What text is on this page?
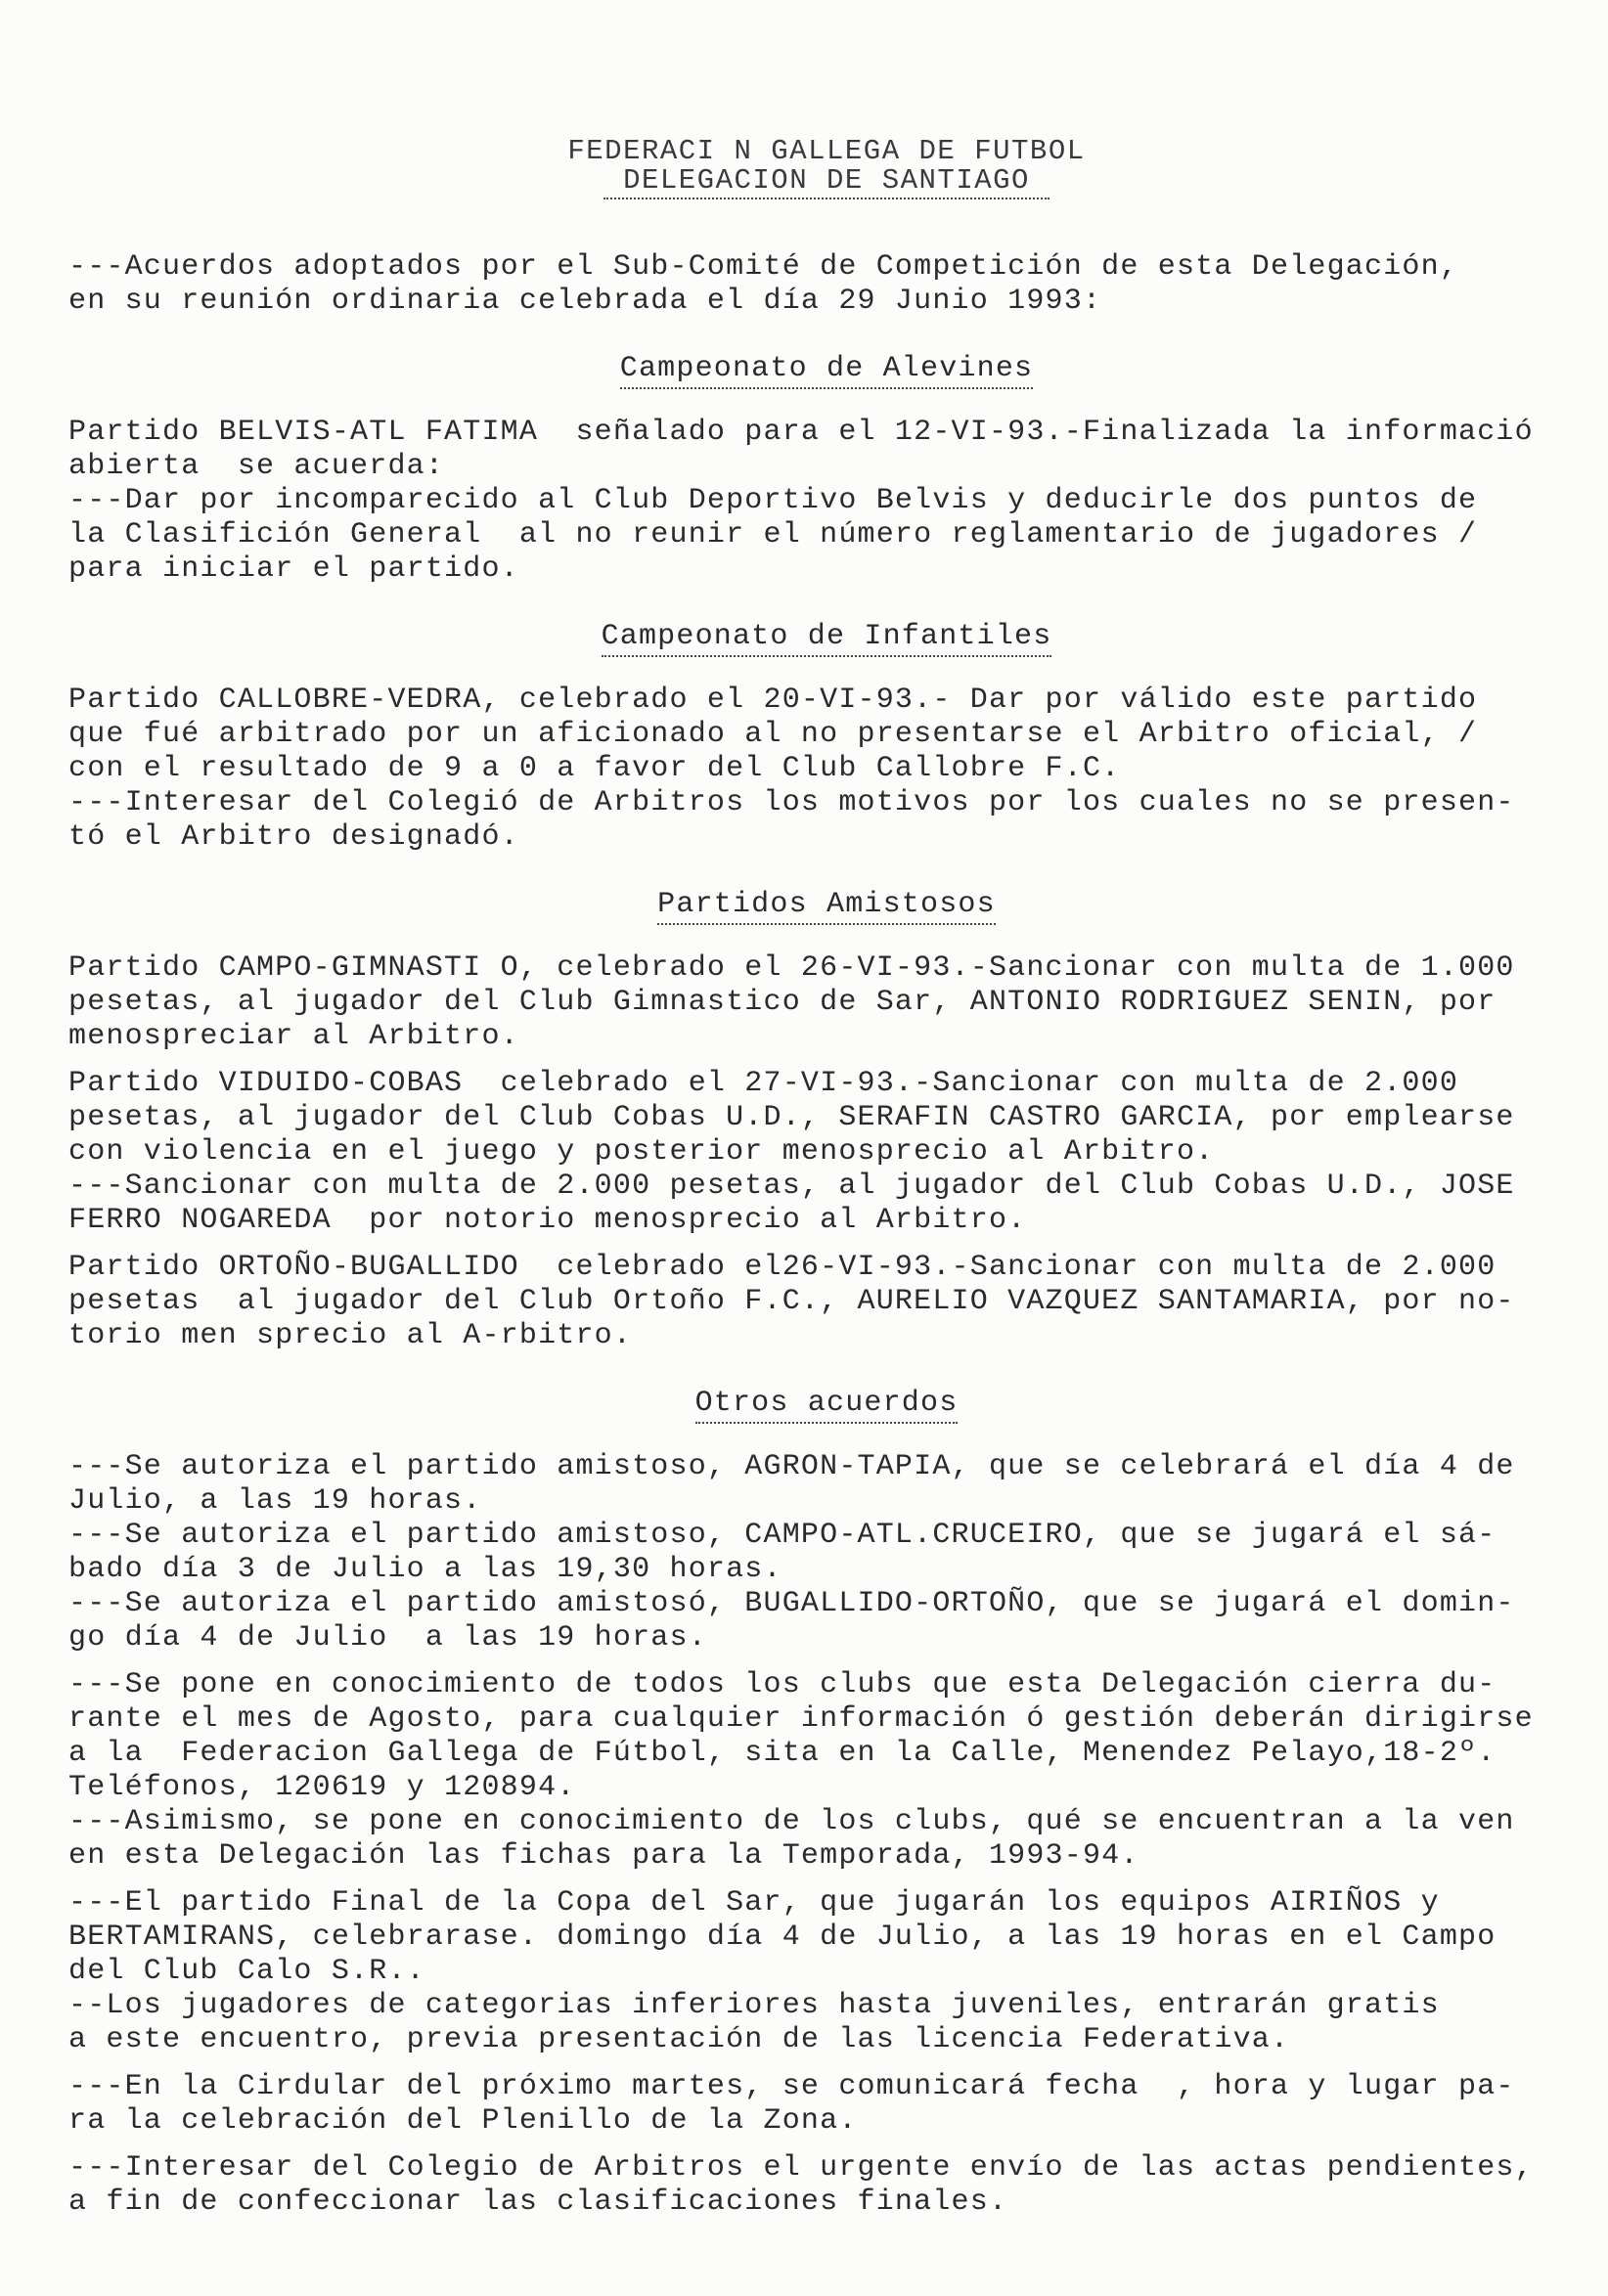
FEDERACI N GALLEGA DE FUTBOL
DELEGACION DE SANTIAGO
---Acuerdos adoptados por el Sub-Comité de Competición de esta Delegación,
en su reunión ordinaria celebrada el día 29 Junio 1993:
Campeonato de Alevines
Partido BELVIS-ATL FATIMA  señalado para el 12-VI-93.-Finalizada la informació
abierta  se acuerda:
---Dar por incomparecido al Club Deportivo Belvis y deducirle dos puntos de
la Clasifición General  al no reunir el número reglamentario de jugadores /
para iniciar el partido.
Campeonato de Infantiles
Partido CALLOBRE-VEDRA, celebrado el 20-VI-93.- Dar por válido este partido
que fué arbitrado por un aficionado al no presentarse el Arbitro oficial, /
con el resultado de 9 a 0 a favor del Club Callobre F.C.
---Interesar del Colegió de Arbitros los motivos por los cuales no se presen-
tó el Arbitro designadó.
Partidos Amistosos
Partido CAMPO-GIMNASTI O, celebrado el 26-VI-93.-Sancionar con multa de 1.000
pesetas, al jugador del Club Gimnastico de Sar, ANTONIO RODRIGUEZ SENIN, por
menospreciar al Arbitro.
Partido VIDUIDO-COBAS  celebrado el 27-VI-93.-Sancionar con multa de 2.000
pesetas, al jugador del Club Cobas U.D., SERAFIN CASTRO GARCIA, por emplearse
con violencia en el juego y posterior menosprecio al Arbitro.
---Sancionar con multa de 2.000 pesetas, al jugador del Club Cobas U.D., JOSE
FERRO NOGAREDA  por notorio menosprecio al Arbitro.
Partido ORTOÑO-BUGALLIDO  celebrado el26-VI-93.-Sancionar con multa de 2.000
pesetas  al jugador del Club Ortoño F.C., AURELIO VAZQUEZ SANTAMARIA, por no-
torio men sprecio al A-rbitro.
Otros acuerdos
---Se autoriza el partido amistoso, AGRON-TAPIA, que se celebrará el día 4 de
Julio, a las 19 horas.
---Se autoriza el partido amistoso, CAMPO-ATL.CRUCEIRO, que se jugará el sá-
bado día 3 de Julio a las 19,30 horas.
---Se autoriza el partido amistosó, BUGALLIDO-ORTOÑO, que se jugará el domin-
go día 4 de Julio  a las 19 horas.
---Se pone en conocimiento de todos los clubs que esta Delegación cierra du-
rante el mes de Agosto, para cualquier información ó gestión deberán dirigirse
a la  Federacion Gallega de Fútbol, sita en la Calle, Menendez Pelayo,18-2º.
Teléfonos, 120619 y 120894.
---Asimismo, se pone en conocimiento de los clubs, qué se encuentran a la ven
en esta Delegación las fichas para la Temporada, 1993-94.
---El partido Final de la Copa del Sar, que jugarán los equipos AIRIÑOS y
BERTAMIRANS, celebrarase. domingo día 4 de Julio, a las 19 horas en el Campo
del Club Calo S.R..
--Los jugadores de categorias inferiores hasta juveniles, entrarán gratis
a este encuentro, previa presentación de las licencia Federativa.
---En la Cirdular del próximo martes, se comunicará fecha  , hora y lugar pa-
ra la celebración del Plenillo de la Zona.
---Interesar del Colegio de Arbitros el urgente envío de las actas pendientes,
a fin de confeccionar las clasificaciones finales.
